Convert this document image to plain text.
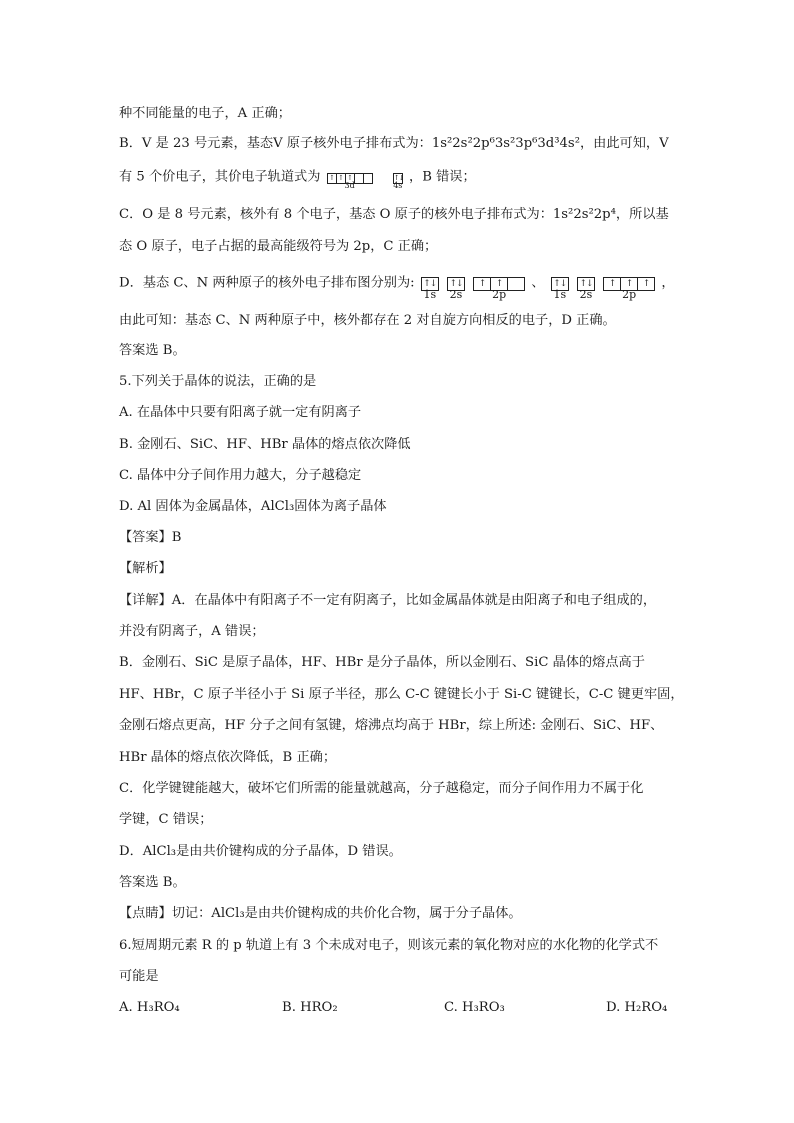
种不同能量的电子，A 正确；
B．V 是 23 号元素，基态V 原子核外电子排布式为：1s²2s²2p⁶3s²3p⁶3d³4s²，由此可知，V
有 5 个价电子，其价电子轨道式为 ↑ ↑ ↑
3d

↑↓
4s
，B 错误；
C．O 是 8 号元素，核外有 8 个电子，基态 O 原子的核外电子排布式为：1s²2s²2p⁴，所以基
态 O 原子，电子占据的最高能级符号为 2p，C 正确；
D．基态 C、N 两种原子的核外电子排布图分别为: ↑↓
1s

↑↓
2s

↑	↑
2p
、 ↑↓
1s

↑↓
2s

↑	↑	↑
2p
，
由此可知：基态 C、N 两种原子中，核外都存在 2 对自旋方向相反的电子，D 正确。
答案选 B。
5.下列关于晶体的说法，正确的是
A. 在晶体中只要有阳离子就一定有阴离子
B. 金刚石、SiC、HF、HBr 晶体的熔点依次降低
C. 晶体中分子间作用力越大，分子越稳定
D. Al 固体为金属晶体，AlCl₃固体为离子晶体
【答案】B
【解析】
【详解】A．在晶体中有阳离子不一定有阴离子，比如金属晶体就是由阳离子和电子组成的，
并没有阴离子，A 错误；
B．金刚石、SiC 是原子晶体，HF、HBr 是分子晶体，所以金刚石、SiC 晶体的熔点高于
HF、HBr，C 原子半径小于 Si 原子半径，那么 C-C 键键长小于 Si-C 键键长，C-C 键更牢固，
金刚石熔点更高，HF 分子之间有氢键，熔沸点均高于 HBr，综上所述: 金刚石、SiC、HF、
HBr 晶体的熔点依次降低，B 正确；
C．化学键键能越大，破坏它们所需的能量就越高，分子越稳定，而分子间作用力不属于化
学键，C 错误；
D．AlCl₃是由共价键构成的分子晶体，D 错误。
答案选 B。
【点睛】切记：AlCl₃是由共价键构成的共价化合物，属于分子晶体。
6.短周期元素 R 的 p 轨道上有 3 个未成对电子，则该元素的氧化物对应的水化物的化学式不
可能是
A. H₃RO₄	B. HRO₂	C. H₃RO₃	D. H₂RO₄
